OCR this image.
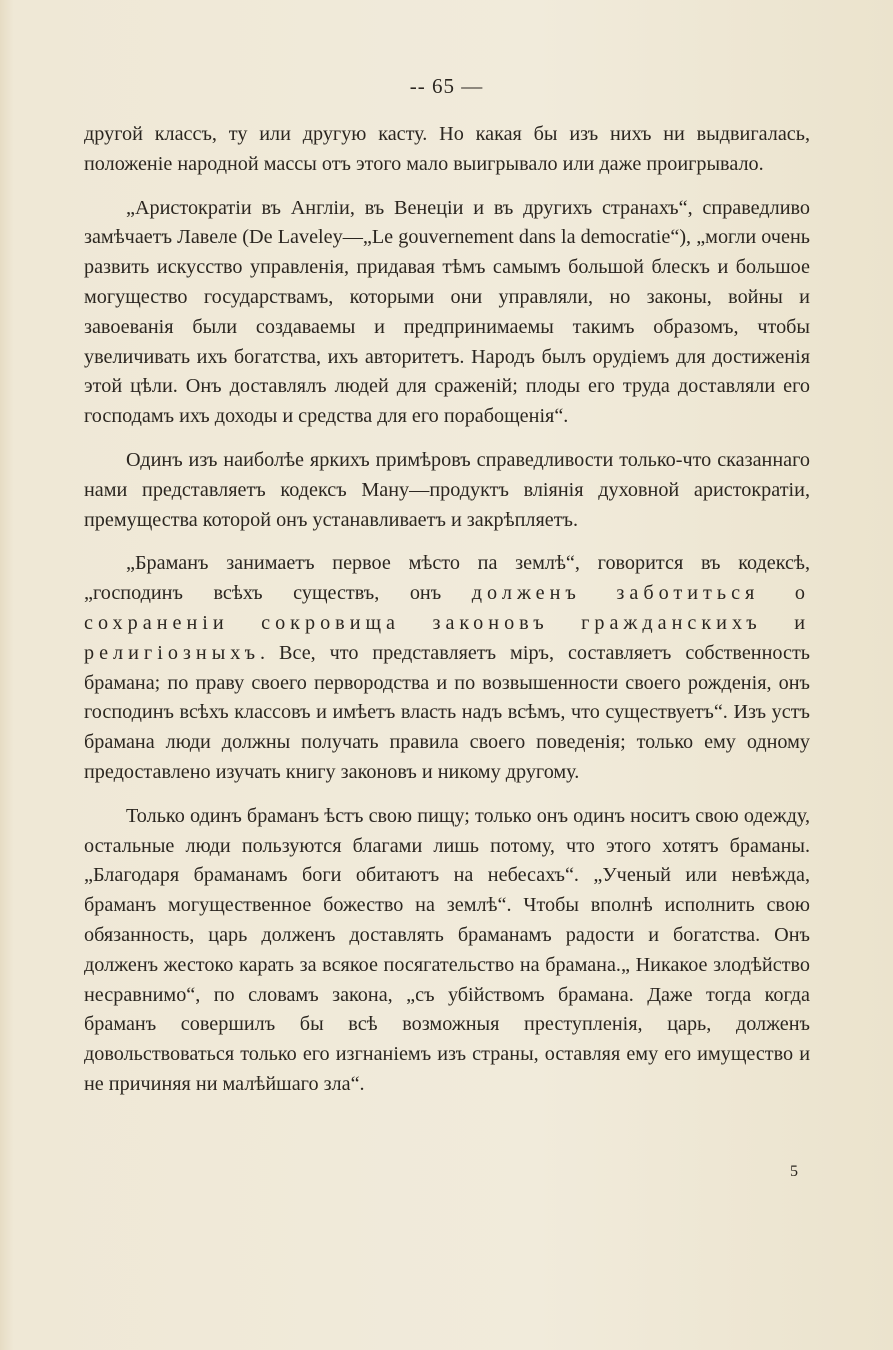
-- 65 —

другой классъ, ту или другую касту. Но какая бы изъ нихъ ни выдвигалась, положеніе народной массы отъ этого мало выигрывало или даже проигрывало.

„Аристократіи въ Англіи, въ Венеціи и въ другихъ странахъ“, справедливо замѣчаетъ Лавеле (De Laveley—„Le gouvernement dans la democratie“), „могли очень развить искусство управленія, придавая тѣмъ самымъ большой блескъ и большое могущество государствамъ, которыми они управляли, но законы, войны и завоеванія были создаваемы и предпринимаемы такимъ образомъ, чтобы увеличивать ихъ богатства, ихъ авторитетъ. Народъ былъ орудіемъ для достиженія этой цѣли. Онъ доставлялъ людей для сраженій; плоды его труда доставляли его господамъ ихъ доходы и средства для его порабощенія“.

Одинъ изъ наиболѣе яркихъ примѣровъ справедливости только-что сказаннаго нами представляетъ кодексъ Ману—продуктъ вліянія духовной аристократіи, премущества которой онъ устанавливаетъ и закрѣпляетъ.

„Браманъ занимаетъ первое мѣсто па землѣ“, говорится въ кодексѣ, „господинъ всѣхъ существъ, онъ долженъ заботиться о сохраненіи сокровища законовъ гражданскихъ и религіозныхъ. Все, что представляетъ міръ, составляетъ собственность брамана; по праву своего первородства и по возвышенности своего рожденія, онъ господинъ всѣхъ классовъ и имѣетъ власть надъ всѣмъ, что существуетъ“. Изъ устъ брамана люди должны получать правила своего поведенія; только ему одному предоставлено изучать книгу законовъ и никому другому.

Только одинъ браманъ ѣстъ свою пищу; только онъ одинъ ноcитъ свою одежду, остальные люди пользуются благами лишь потому, что этого хотятъ браманы. „Благодаря браманамъ боги обитаютъ на небесахъ“. „Ученый или невѣжда, браманъ могущественное божество на землѣ“. Чтобы вполнѣ исполнить свою обязанность, царь долженъ доставлять браманамъ радости и богатства. Онъ долженъ жестоко карать за всякое посягательство на брамана.„ Никакое злодѣйство несравнимо“, по словамъ закона, „съ убійствомъ брамана. Даже тогда когда браманъ совершилъ бы всѣ возможныя преступленія, царь, долженъ довольствоваться только его изгнаніемъ изъ страны, оставляя ему его имущество и не причиняя ни малѣйшаго зла“.

5
